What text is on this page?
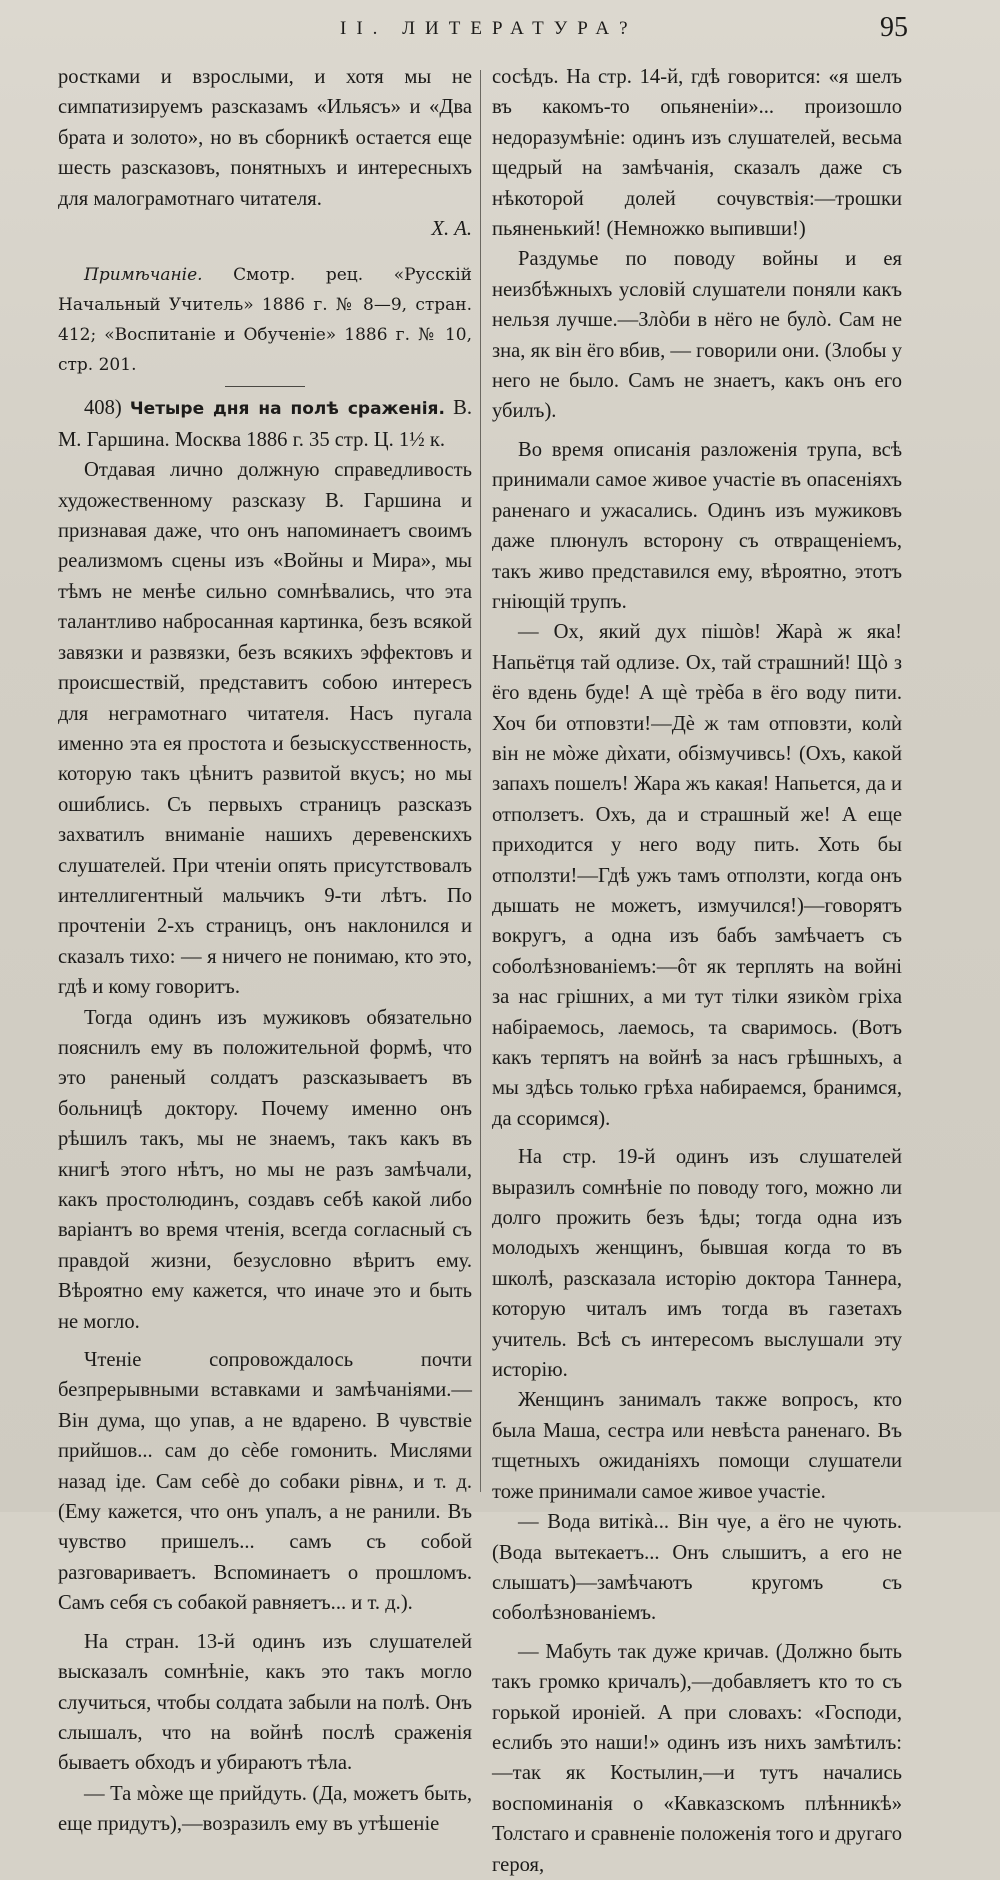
II. ЛИТЕРАТУРА?	95

ростками и взрослыми, и хотя мы не симпатизируемъ разсказамъ «Ильясъ» и «Два брата и золото», но въ сборникѣ остается еще шесть разсказовъ, понятныхъ и интересныхъ для малограмотнаго читателя.

Х. А.

Примѣчаніе. Смотр. рец. «Русскій Начальный Учитель» 1886 г. № 8—9, стран. 412; «Воспитаніе и Обученіе» 1886 г. № 10, стр. 201.

408) Четыре дня на полѣ сраженія. В. М. Гаршина. Москва 1886 г. 35 стр. Ц. 1½ к.

Отдавая лично должную справедливость художественному разсказу В. Гаршина и признавая даже, что онъ напоминаетъ своимъ реализмомъ сцены изъ «Войны и Мира», мы тѣмъ не менѣе сильно сомнѣвались, что эта талантливо набросанная картинка, безъ всякой завязки и развязки, безъ всякихъ эффектовъ и происшествій, представитъ собою интересъ для неграмотнаго читателя. Насъ пугала именно эта ея простота и безыскусственность, которую такъ цѣнитъ развитой вкусъ; но мы ошиблись. Съ первыхъ страницъ разсказъ захватилъ вниманіе нашихъ деревенскихъ слушателей. При чтеніи опять присутствовалъ интеллигентный мальчикъ 9-ти лѣтъ. По прочтеніи 2-хъ страницъ, онъ наклонился и сказалъ тихо: — я ничего не понимаю, кто это, гдѣ и кому говоритъ.

Тогда одинъ изъ мужиковъ обязательно пояснилъ ему въ положительной формѣ, что это раненый солдатъ разсказываетъ въ больницѣ доктору. Почему именно онъ рѣшилъ такъ, мы не знаемъ, такъ какъ въ книгѣ этого нѣтъ, но мы не разъ замѣчали, какъ простолюдинъ, создавъ себѣ какой либо варіантъ во время чтенія, всегда согласный съ правдой жизни, безусловно вѣритъ ему. Вѣроятно ему кажется, что иначе это и быть не могло.

Чтеніе сопровождалось почти безпрерывными вставками и замѣчаніями.—Він дума, що упав, а не вдарено. В чувствіе прийшов... сам до сѐбе гомонить. Мислями назад іде. Сам себѐ до собаки рівнѧ, и т. д. (Ему кажется, что онъ упалъ, а не ранили. Въ чувство пришелъ... самъ съ собой разговариваетъ. Вспоминаетъ о прошломъ. Самъ себя съ собакой равняетъ... и т. д.).

На стран. 13-й одинъ изъ слушателей высказалъ сомнѣніе, какъ это такъ могло случиться, чтобы солдата забыли на полѣ. Онъ слышалъ, что на войнѣ послѣ сраженія бываетъ обходъ и убираютъ тѣла.

— Та мòже ще прийдуть. (Да, можетъ быть, еще придутъ),—возразилъ ему въ утѣшеніе

сосѣдъ. На стр. 14-й, гдѣ говорится: «я шелъ въ какомъ-то опьяненіи»... произошло недоразумѣніе: одинъ изъ слушателей, весьма щедрый на замѣчанія, сказалъ даже съ нѣкоторой долей сочувствія:—трошки пьяненький! (Немножко выпивши!)

Раздумье по поводу войны и ея неизбѣжныхъ условій слушатели поняли какъ нельзя лучше.—Злòби в нёго не булò. Сам не зна, як він ёго вбив, — говорили они. (Злобы у него не было. Самъ не знаетъ, какъ онъ его убилъ).

Во время описанія разложенія трупа, всѣ принимали самое живое участіе въ опасеніяхъ раненаго и ужасались. Одинъ изъ мужиковъ даже плюнулъ всторону съ отвращеніемъ, такъ живо представился ему, вѣроятно, этотъ гніющій трупъ.

— Ох, який дух пішòв! Жарà ж яка! Напьётця тай одлизе. Ох, тай страшний! Щò з ёго вдень буде! А щѐ трѐба в ёго воду пити. Хоч би отповзти!—Дѐ ж там отповзти, колѝ він не мòже дѝхати, обізмучивсь! (Охъ, какой запахъ пошелъ! Жара жъ какая! Напьется, да и отползетъ. Охъ, да и страшный же! А еще приходится у него воду пить. Хоть бы отползти!—Гдѣ ужъ тамъ отползти, когда онъ дышать не можетъ, измучился!)—говорятъ вокругъ, а одна изъ бабъ замѣчаетъ съ соболѣзнованіемъ:—ôт як терплять на войні за нас грішних, а ми тут тілки язикòм гріха набіраемось, лаемось, та сваримось. (Вотъ какъ терпятъ на войнѣ за насъ грѣшныхъ, а мы здѣсь только грѣха набираемся, бранимся, да ссоримся).

На стр. 19-й одинъ изъ слушателей выразилъ сомнѣніе по поводу того, можно ли долго прожить безъ ѣды; тогда одна изъ молодыхъ женщинъ, бывшая когда то въ школѣ, разсказала исторію доктора Таннера, которую читалъ имъ тогда въ газетахъ учитель. Всѣ съ интересомъ выслушали эту исторію.

Женщинъ занималъ также вопросъ, кто была Маша, сестра или невѣста раненаго. Въ тщетныхъ ожиданіяхъ помощи слушатели тоже принимали самое живое участіе.

— Вода витікà... Він чуе, а ёго не чують. (Вода вытекаетъ... Онъ слышитъ, а его не слышатъ)—замѣчаютъ кругомъ съ соболѣзнованіемъ.

— Мабуть так дуже кричав. (Должно быть такъ громко кричалъ),—добавляетъ кто то съ горькой ироніей. А при словахъ: «Господи, еслибъ это наши!» одинъ изъ нихъ замѣтилъ: —так як Костылин,—и тутъ начались воспоминанія о «Кавказскомъ плѣнникѣ» Толстаго и сравненіе положенія того и другаго героя,
